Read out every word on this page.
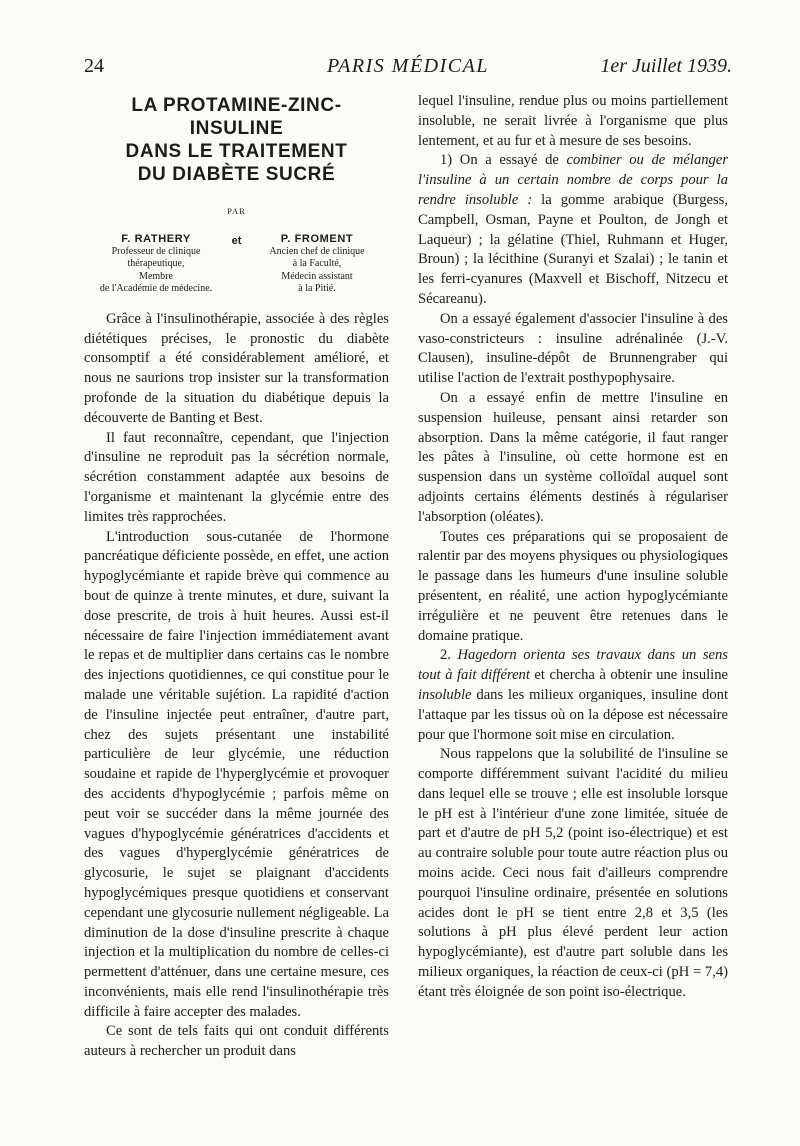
24	PARIS MÉDICAL	1er Juillet 1939.
LA PROTAMINE-ZINC-
INSULINE
DANS LE TRAITEMENT
DU DIABÈTE SUCRÉ
PAR
F. RATHERY
Professeur de clinique
thérapeutique,
Membre
de l'Académie de médecine.
et	P. FROMENT
Ancien chef de clinique
à la Faculté,
Médecin assistant
à la Pitié.

Grâce à l'insulinothérapie, associée à des règles diététiques précises, le pronostic du diabète consomptif a été considérablement amélioré, et nous ne saurions trop insister sur la transformation profonde de la situation du diabétique depuis la découverte de Banting et Best.

Il faut reconnaître, cependant, que l'injection d'insuline ne reproduit pas la sécrétion normale, sécrétion constamment adaptée aux besoins de l'organisme et maintenant la glycémie entre des limites très rapprochées.

L'introduction sous-cutanée de l'hormone pancréatique déficiente possède, en effet, une action hypoglycémiante et rapide brève qui commence au bout de quinze à trente minutes, et dure, suivant la dose prescrite, de trois à huit heures. Aussi est-il nécessaire de faire l'injection immédiatement avant le repas et de multiplier dans certains cas le nombre des injections quotidiennes, ce qui constitue pour le malade une véritable sujétion. La rapidité d'action de l'insuline injectée peut entraîner, d'autre part, chez des sujets présentant une instabilité particulière de leur glycémie, une réduction soudaine et rapide de l'hyperglycémie et provoquer des accidents d'hypoglycémie ; parfois même on peut voir se succéder dans la même journée des vagues d'hypoglycémie génératrices d'accidents et des vagues d'hyperglycémie génératrices de glycosurie, le sujet se plaignant d'accidents hypoglycémiques presque quotidiens et conservant cependant une glycosurie nullement négligeable. La diminution de la dose d'insuline prescrite à chaque injection et la multiplication du nombre de celles-ci permettent d'atténuer, dans une certaine mesure, ces inconvénients, mais elle rend l'insulinothérapie très difficile à faire accepter des malades.

Ce sont de tels faits qui ont conduit différents auteurs à rechercher un produit dans

lequel l'insuline, rendue plus ou moins partiellement insoluble, ne serait livrée à l'organisme que plus lentement, et au fur et à mesure de ses besoins.

1) On a essayé de combiner ou de mélanger l'insuline à un certain nombre de corps pour la rendre insoluble : la gomme arabique (Burgess, Campbell, Osman, Payne et Poulton, de Jongh et Laqueur) ; la gélatine (Thiel, Ruhmann et Huger, Broun) ; la lécithine (Suranyi et Szalai) ; le tanin et les ferri-cyanures (Maxvell et Bischoff, Nitzecu et Sécareanu).

On a essayé également d'associer l'insuline à des vaso-constricteurs : insuline adrénalinée (J.-V. Clausen), insuline-dépôt de Brunnengraber qui utilise l'action de l'extrait posthypophysaire.

On a essayé enfin de mettre l'insuline en suspension huileuse, pensant ainsi retarder son absorption. Dans la même catégorie, il faut ranger les pâtes à l'insuline, où cette hormone est en suspension dans un système colloïdal auquel sont adjoints certains éléments destinés à régulariser l'absorption (oléates).

Toutes ces préparations qui se proposaient de ralentir par des moyens physiques ou physiologiques le passage dans les humeurs d'une insuline soluble présentent, en réalité, une action hypoglycémiante irrégulière et ne peuvent être retenues dans le domaine pratique.

2. Hagedorn orienta ses travaux dans un sens tout à fait différent et chercha à obtenir une insuline insoluble dans les milieux organiques, insuline dont l'attaque par les tissus où on la dépose est nécessaire pour que l'hormone soit mise en circulation.

Nous rappelons que la solubilité de l'insuline se comporte différemment suivant l'acidité du milieu dans lequel elle se trouve ; elle est insoluble lorsque le pH est à l'intérieur d'une zone limitée, située de part et d'autre de pH 5,2 (point iso-électrique) et est au contraire soluble pour toute autre réaction plus ou moins acide. Ceci nous fait d'ailleurs comprendre pourquoi l'insuline ordinaire, présentée en solutions acides dont le pH se tient entre 2,8 et 3,5 (les solutions à pH plus élevé perdent leur action hypoglycémiante), est d'autre part soluble dans les milieux organiques, la réaction de ceux-ci (pH = 7,4) étant très éloignée de son point iso-électrique.
